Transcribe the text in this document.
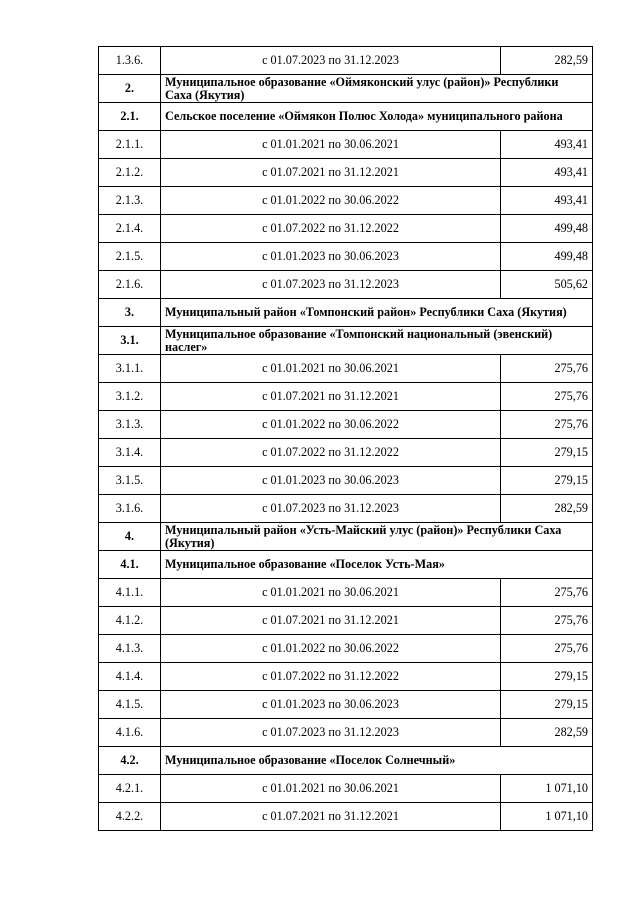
1.3.6.	с 01.07.2023 по 31.12.2023	282,59
2.	Муниципальное образование «Оймяконский улус (район)» Республики Саха (Якутия)	
2.1.	Сельское поселение «Оймякон Полюс Холода» муниципального района	
2.1.1.	с 01.01.2021 по 30.06.2021	493,41
2.1.2.	с 01.07.2021 по 31.12.2021	493,41
2.1.3.	с 01.01.2022 по 30.06.2022	493,41
2.1.4.	с 01.07.2022 по 31.12.2022	499,48
2.1.5.	с 01.01.2023 по 30.06.2023	499,48
2.1.6.	с 01.07.2023 по 31.12.2023	505,62
3.	Муниципальный район «Томпонский район» Республики Саха (Якутия)	
3.1.	Муниципальное образование «Томпонский национальный (эвенский) наслег»	
3.1.1.	с 01.01.2021 по 30.06.2021	275,76
3.1.2.	с 01.07.2021 по 31.12.2021	275,76
3.1.3.	с 01.01.2022 по 30.06.2022	275,76
3.1.4.	с 01.07.2022 по 31.12.2022	279,15
3.1.5.	с 01.01.2023 по 30.06.2023	279,15
3.1.6.	с 01.07.2023 по 31.12.2023	282,59
4.	Муниципальный район «Усть-Майский улус (район)» Республики Саха (Якутия)	
4.1.	Муниципальное образование «Поселок Усть-Мая»	
4.1.1.	с 01.01.2021 по 30.06.2021	275,76
4.1.2.	с 01.07.2021 по 31.12.2021	275,76
4.1.3.	с 01.01.2022 по 30.06.2022	275,76
4.1.4.	с 01.07.2022 по 31.12.2022	279,15
4.1.5.	с 01.01.2023 по 30.06.2023	279,15
4.1.6.	с 01.07.2023 по 31.12.2023	282,59
4.2.	Муниципальное образование «Поселок Солнечный»	
4.2.1.	с 01.01.2021 по 30.06.2021	1 071,10
4.2.2.	с 01.07.2021 по 31.12.2021	1 071,10
